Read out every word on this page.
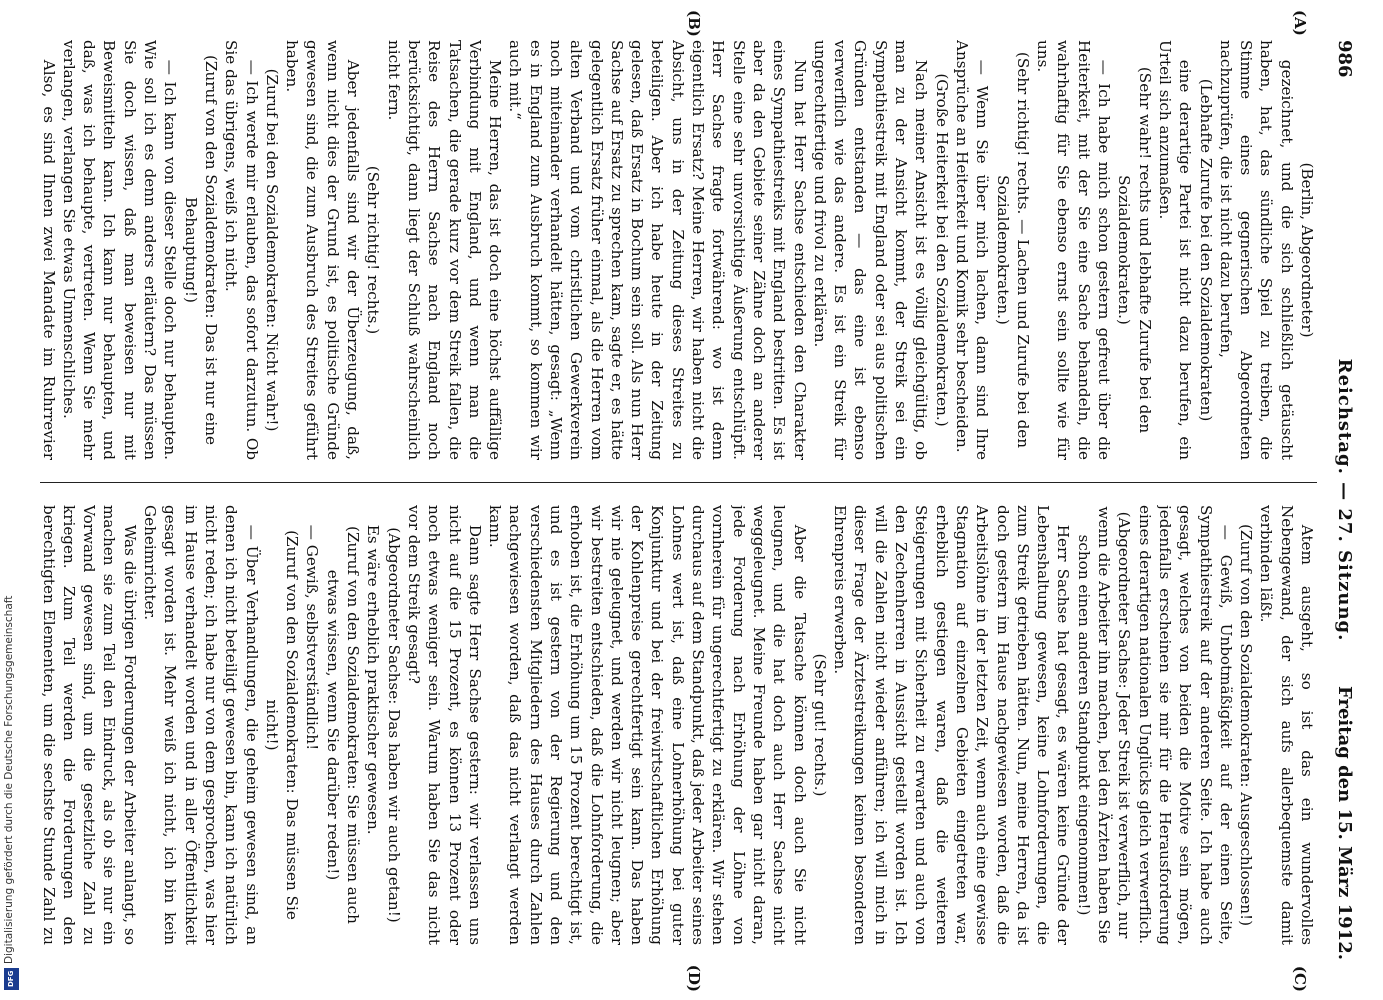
986
Reichstag. — 27. Sitzung.
Freitag den 15. März 1912.
(A)
(B)
(C)
(D)

(Berlin, Abgeordneter)

gezeichnet, und die sich schließlich getäuscht haben, hat, das sündliche Spiel zu treiben, die Stimme eines gegnerischen Abgeordneten nachzuprüfen, die ist nicht dazu berufen,

(Lebhafte Zurufe bei den Sozialdemokraten)

eine derartige Partei ist nicht dazu berufen, ein Urteil sich anzumaßen.

(Sehr wahr! rechts und lebhafte Zurufe bei den Sozialdemokraten.)

— Ich habe mich schon gestern gefreut über die Heiterkeit, mit der Sie eine Sache behandeln, die wahrhaftig für Sie ebenso ernst sein sollte wie für uns.

(Sehr richtig! rechts. — Lachen und Zurufe bei den Sozialdemokraten.)

— Wenn Sie über mich lachen, dann sind Ihre Ansprüche an Heiterkeit und Komik sehr bescheiden.

(Große Heiterkeit bei den Sozialdemokraten.)

Nach meiner Ansicht ist es völlig gleichgültig, ob man zu der Ansicht kommt, der Streik sei ein Sympathiestreik mit England oder sei aus politischen Gründen entstanden — das eine ist ebenso verwerflich wie das andere. Es ist ein Streik für ungerechtfertige und frivol zu erklären.

Nun hat Herr Sachse entschieden den Charakter eines Sympathiestreiks mit England bestritten. Es ist aber da den Gebiete seiner Zähne doch an anderer Stelle eine sehr unvorsichtige Äußerung entschlüpft. Herr Sachse fragte fortwährend: wo ist denn eigentlich Ersatz? Meine Herren, wir haben nicht die Absicht, uns in der Zeitung dieses Streites zu beteiligen. Aber ich habe heute in der Zeitung gelesen, daß Ersatz in Bochum sein soll. Als nun Herr Sachse auf Ersatz zu sprechen kam, sagte er, es hätte gelegentlich Ersatz früher einmal, als die Herren vom alten Verband und vom christlichen Gewerkverein noch miteinander verhandelt hätten, gesagt: „Wenn es in England zum Ausbruch kommt, so kommen wir auch mit.“

Meine Herren, das ist doch eine höchst auffällige Verbindung mit England, und wenn man die Tatsachen, die gerade kurz vor dem Streik fallen, die Reise des Herrn Sachse nach England noch berücksichtigt, dann liegt der Schluß wahrscheinlich nicht fern.

(Sehr richtig! rechts.)

Aber jedenfalls sind wir der Überzeugung, daß, wenn nicht dies der Grund ist, es politische Gründe gewesen sind, die zum Ausbruch des Streites geführt haben.

(Zuruf bei den Sozialdemokraten: Nicht wahr!)

— Ich werde mir erlauben, das sofort darzutun. Ob Sie das übrigens, weiß ich nicht.

(Zuruf von den Sozialdemokraten: Das ist nur eine Behauptung!)

— Ich kann von dieser Stelle doch nur behaupten. Wie soll ich es denn anders erläutern? Das müssen Sie doch wissen, daß man beweisen nur mit Beweismitteln kann. Ich kann nur behaupten, und daß, was ich behaupte, vertreten. Wenn Sie mehr verlangen, verlangen Sie etwas Unmenschliches.

Also, es sind Ihnen zwei Mandate im Ruhrrevier

Atem ausgeht, so ist das ein wundervolles Nebengewand, der sich aufs allerbequemste damit verbinden läßt.

(Zuruf von den Sozialdemokraten: Ausgeschlossen!)

— Gewiß, Unbotmäßigkeit auf der einen Seite, Sympathiestreik auf der anderen Seite. Ich habe auch gesagt, welches von beiden die Motive sein mögen, jedenfalls erscheinen sie mir für die Herausforderung eines derartigen nationalen Unglücks gleich verwerflich.

(Abgeordneter Sachse: Jeder Streik ist verwerflich, nur wenn die Arbeiter ihn machen, bei den Ärzten haben Sie schon einen anderen Standpunkt eingenommen!)

Herr Sachse hat gesagt, es wären keine Gründe der Lebenshaltung gewesen, keine Lohnforderungen, die zum Streik getrieben hätten. Nun, meine Herren, da ist doch gestern im Hause nachgewiesen worden, daß die Arbeitslöhne in der letzten Zeit, wenn auch eine gewisse Stagnation auf einzelnen Gebieten eingetreten war, erheblich gestiegen waren, daß die weiteren Steigerungen mit Sicherheit zu erwarten und auch von den Zechenherren in Aussicht gestellt worden ist. Ich will die Zahlen nicht wieder anführen; ich will mich in dieser Frage der Ärztestreikungen keinen besonderen Ehrenpreis erwerben.

(Sehr gut! rechts.)

Aber die Tatsache können doch auch Sie nicht leugnen, und die hat doch auch Herr Sachse nicht weggeleugnet. Meine Freunde haben gar nicht daran, jede Forderung nach Erhöhung der Löhne von vornherein für ungerechtfertigt zu erklären. Wir stehen durchaus auf dem Standpunkt, daß jeder Arbeiter seines Lohnes wert ist, daß eine Lohnerhöhung bei guter Konjunktur und bei der freiwirtschaftlichen Erhöhung der Kohlenpreise gerechtfertigt sein kann. Das haben wir nie geleugnet, und werden wir nicht leugnen; aber wir bestreiten entschieden, daß die Lohnforderung, die erhoben ist, die Erhöhung um 15 Prozent berechtigt ist, und es ist gestern von der Regierung und den verschiedensten Mitgliedern des Hauses durch Zahlen nachgewiesen worden, daß das nicht verlangt werden kann.

Dann sagte Herr Sachse gestern: wir verlassen uns nicht auf die 15 Prozent, es können 13 Prozent oder noch etwas weniger sein. Warum haben Sie das nicht vor dem Streik gesagt?

(Abgeordneter Sachse: Das haben wir auch getan!)

Es wäre erheblich praktischer gewesen.

(Zuruf von den Sozialdemokraten: Sie müssen auch etwas wissen, wenn Sie darüber reden!)

— Gewiß, selbstverständlich!

(Zuruf von den Sozialdemokraten: Das müssen Sie nicht!)

— Über Verhandlungen, die geheim gewesen sind, an denen ich nicht beteiligt gewesen bin, kann ich natürlich nicht reden; ich habe nur von dem gesprochen, was hier im Hause verhandelt worden und in aller Öffentlichkeit gesagt worden ist. Mehr weiß ich nicht, ich bin kein Geheimrichter.

Was die übrigen Forderungen der Arbeiter anlangt, so machen sie zum Teil den Eindruck, als ob sie nur ein Vorwand gewesen sind, um die gesetzliche Zahl zu kriegen. Zum Teil werden die Forderungen den berechtigten Elementen, um die sechste Stunde Zahl zu

Digitalisierung gefördert durch die Deutsche Forschungsgemeinschaft
DFG
